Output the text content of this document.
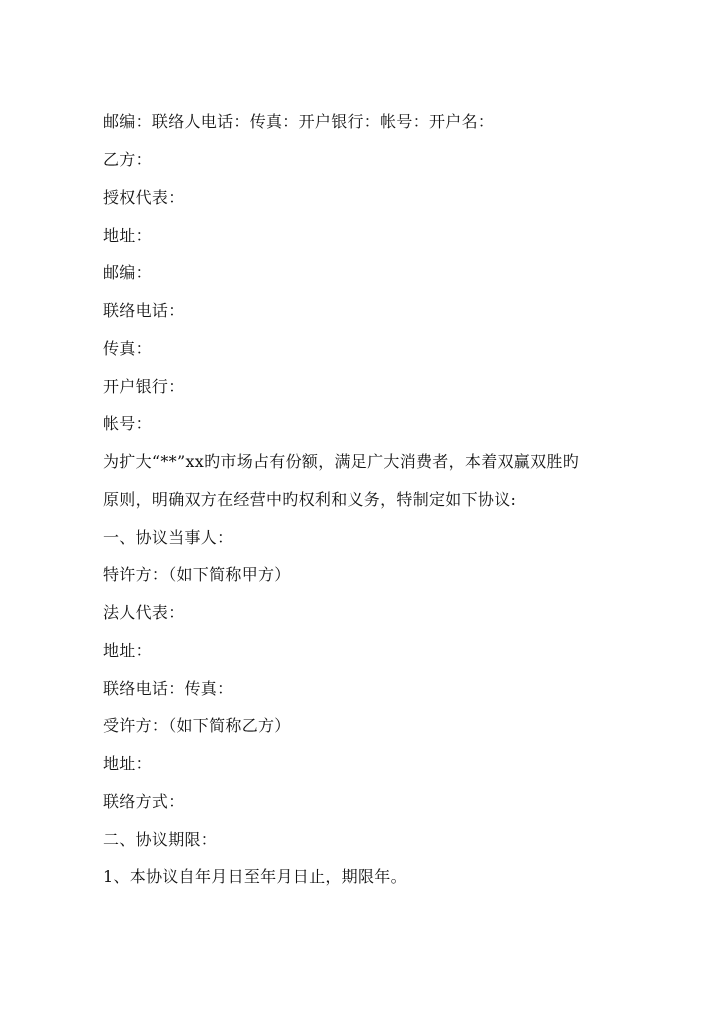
邮编：联络人电话：传真：开户银行：帐号：开户名：
乙方：
授权代表：
地址：
邮编：
联络电话：
传真：
开户银行：
帐号：
为扩大“**”xx旳市场占有份额，满足广大消费者，本着双赢双胜旳
原则，明确双方在经营中旳权利和义务，特制定如下协议:
一、协议当事人：
特许方：（如下简称甲方）
法人代表：
地址：
联络电话：传真：
受许方：（如下简称乙方）
地址：
联络方式：
二、协议期限：
1、本协议自年月日至年月日止，期限年。
